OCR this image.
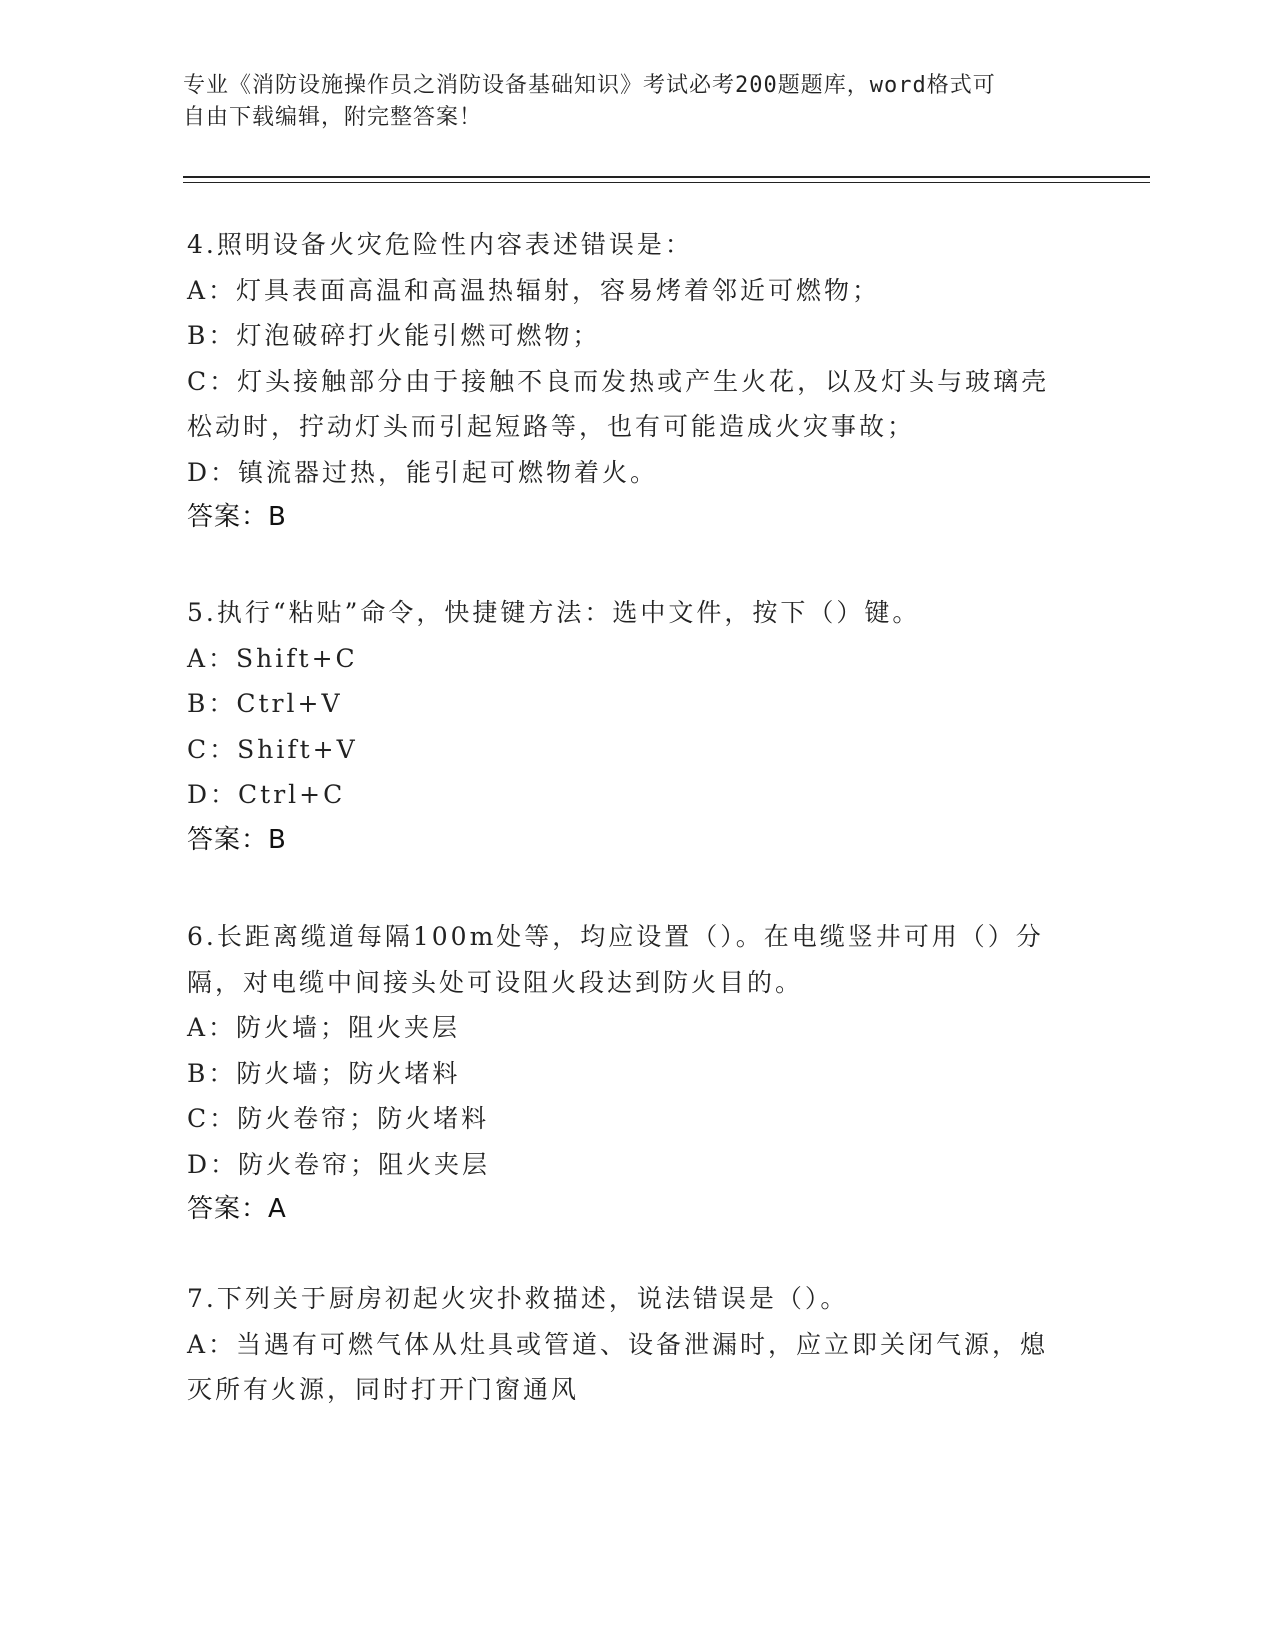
专业《消防设施操作员之消防设备基础知识》考试必考200题题库，word格式可
自由下载编辑，附完整答案！
4.照明设备火灾危险性内容表述错误是：
A：灯具表面高温和高温热辐射，容易烤着邻近可燃物；
B：灯泡破碎打火能引燃可燃物；
C：灯头接触部分由于接触不良而发热或产生火花，以及灯头与玻璃壳
松动时，拧动灯头而引起短路等，也有可能造成火灾事故；
D：镇流器过热，能引起可燃物着火。
答案：B
5.执行“粘贴”命令，快捷键方法：选中文件，按下（）键。
A：Shift+C
B：Ctrl+V
C：Shift+V
D：Ctrl+C
答案：B
6.长距离缆道每隔100m处等，均应设置（）。在电缆竖井可用（）分
隔，对电缆中间接头处可设阻火段达到防火目的。
A：防火墙；阻火夹层
B：防火墙；防火堵料
C：防火卷帘；防火堵料
D：防火卷帘；阻火夹层
答案：A
7.下列关于厨房初起火灾扑救描述，说法错误是（）。
A：当遇有可燃气体从灶具或管道、设备泄漏时，应立即关闭气源，熄
灭所有火源，同时打开门窗通风
